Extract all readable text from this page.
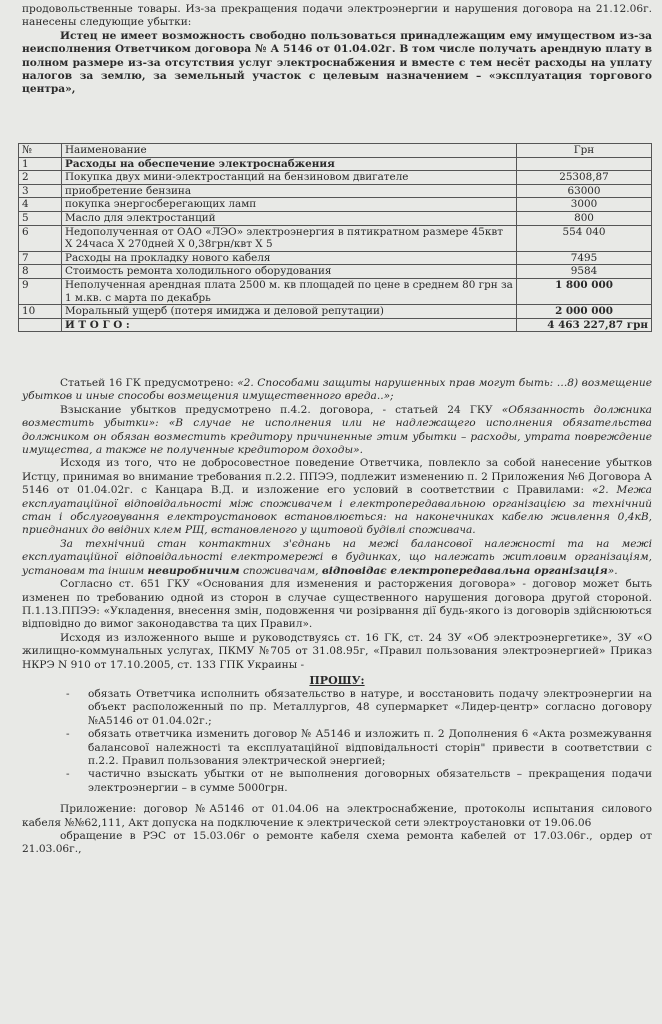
продовольственные товары. Из-за прекращения подачи электроэнергии и нарушения договора на 21.12.06г. нанесены следующие убытки:

Истец не имеет возможность свободно пользоваться принадлежащим ему имуществом из-за неисполнения Ответчиком договора № А 5146 от 01.04.02г. В том числе получать арендную плату в полном размере из-за отсутствия услуг электроснабжения и вместе с тем несёт расходы на уплату налогов за землю, за земельный участок с целевым назначением – «эксплуатация торгового центра»,

№	Наименование	Грн
1	Расходы на обеспечение электроснабжения	
2	Покупка двух мини-электростанций на бензиновом двигателе	25308,87
3	приобретение бензина	63000
4	покупка энергосберегающих ламп	3000
5	Масло для электростанций	800
6	Недополученная от ОАО «ЛЭО» электроэнергия в пятикратном размере 45квт Х 24часа Х 270дней Х 0,38грн/квт Х 5	554 040
7	Расходы на прокладку нового кабеля	7495
8	Стоимость ремонта холодильного оборудования	9584
9	Неполученная арендная плата 2500 м. кв площадей по цене в среднем 80 грн за 1 м.кв. с марта по декабрь	1 800 000
10	Моральный ущерб (потеря имиджа и деловой репутации)	2 000 000
	И Т О Г О :	4 463 227,87 грн

Статьей 16 ГК предусмотрено: «2. Способами защиты нарушенных прав могут быть: …8) возмещение убытков и иные способы возмещения имущественного вреда..»;

Взыскание убытков предусмотрено п.4.2. договора, - статьей 24 ГКУ «Обязанность должника возместить убытки»: «В случае не исполнения или не надлежащего исполнения обязательства должником он обязан возместить кредитору причиненные этим убытки – расходы, утрата повреждение имущества, а также не полученные кредитором доходы».

Исходя из того, что не добросовестное поведение Ответчика, повлекло за собой нанесение убытков Истцу, принимая во внимание требования п.2.2. ППЭЭ, подлежит изменению п. 2 Приложения №6 Договора А 5146 от 01.04.02г. с Канцара В.Д. и изложение его условий в соответствии с Правилами: «2. Межа експлуатаційної відповідальності між споживачем і електропередавальною організацією за технічний стан і обслуговування електроустановок встановлюється: на наконечниках кабелю живлення 0,4кВ, приєднаних до ввідних клем РЩ, встановленого у щитовой будівлі споживача.

За технічний стан контактних з'єднань на межі балансової належності та на межі експлуатаційної відповідальності електромережі в будинках, що належать житловим організаціям, установам та іншим невиробничим споживачам, відповідає електропередавальна організація».

Согласно ст. 651 ГКУ «Основания для изменения и расторжения договора» - договор может быть изменен по требованию одной из сторон в случае существенного нарушения договора другой стороной. П.1.13.ППЭЭ: «Укладення, внесення змін, подовження чи розірвання дії будь-якого із договорів здійснюються відповідно до вимог законодавства та цих Правил».

Исходя из изложенного выше и руководствуясь ст. 16 ГК, ст. 24 ЗУ «Об электроэнергетике», ЗУ «О жилищно-коммунальных услугах, ПКМУ №705 от 31.08.95г, «Правил пользования электроэнергией» Приказ НКРЭ N 910 от 17.10.2005, ст. 133 ГПК Украины -

ПРОШУ:
- обязать Ответчика исполнить обязательство в натуре, и восстановить подачу электроэнергии на объект расположенный по пр. Металлургов, 48 супермаркет «Лидер-центр» согласно договору №А5146 от 01.04.02г.;
- обязать ответчика изменить договор № А5146 и изложить п. 2 Дополнения 6 «Акта розмежування балансової належності та експлуатаційної відповідальності сторін" привести в соответствии с п.2.2. Правил пользования электрической энергией;
- частично взыскать убытки от не выполнения договорных обязательств – прекращения подачи электроэнергии – в сумме 5000грн.

Приложение: договор №А5146 от 01.04.06 на электроснабжение, протоколы испытания силового кабеля №№62,111, Акт допуска на подключение к электрической сети электроустановки от 19.06.06

обращение в РЭС от 15.03.06г о ремонте кабеля схема ремонта кабелей от 17.03.06г., ордер от 21.03.06г.,
